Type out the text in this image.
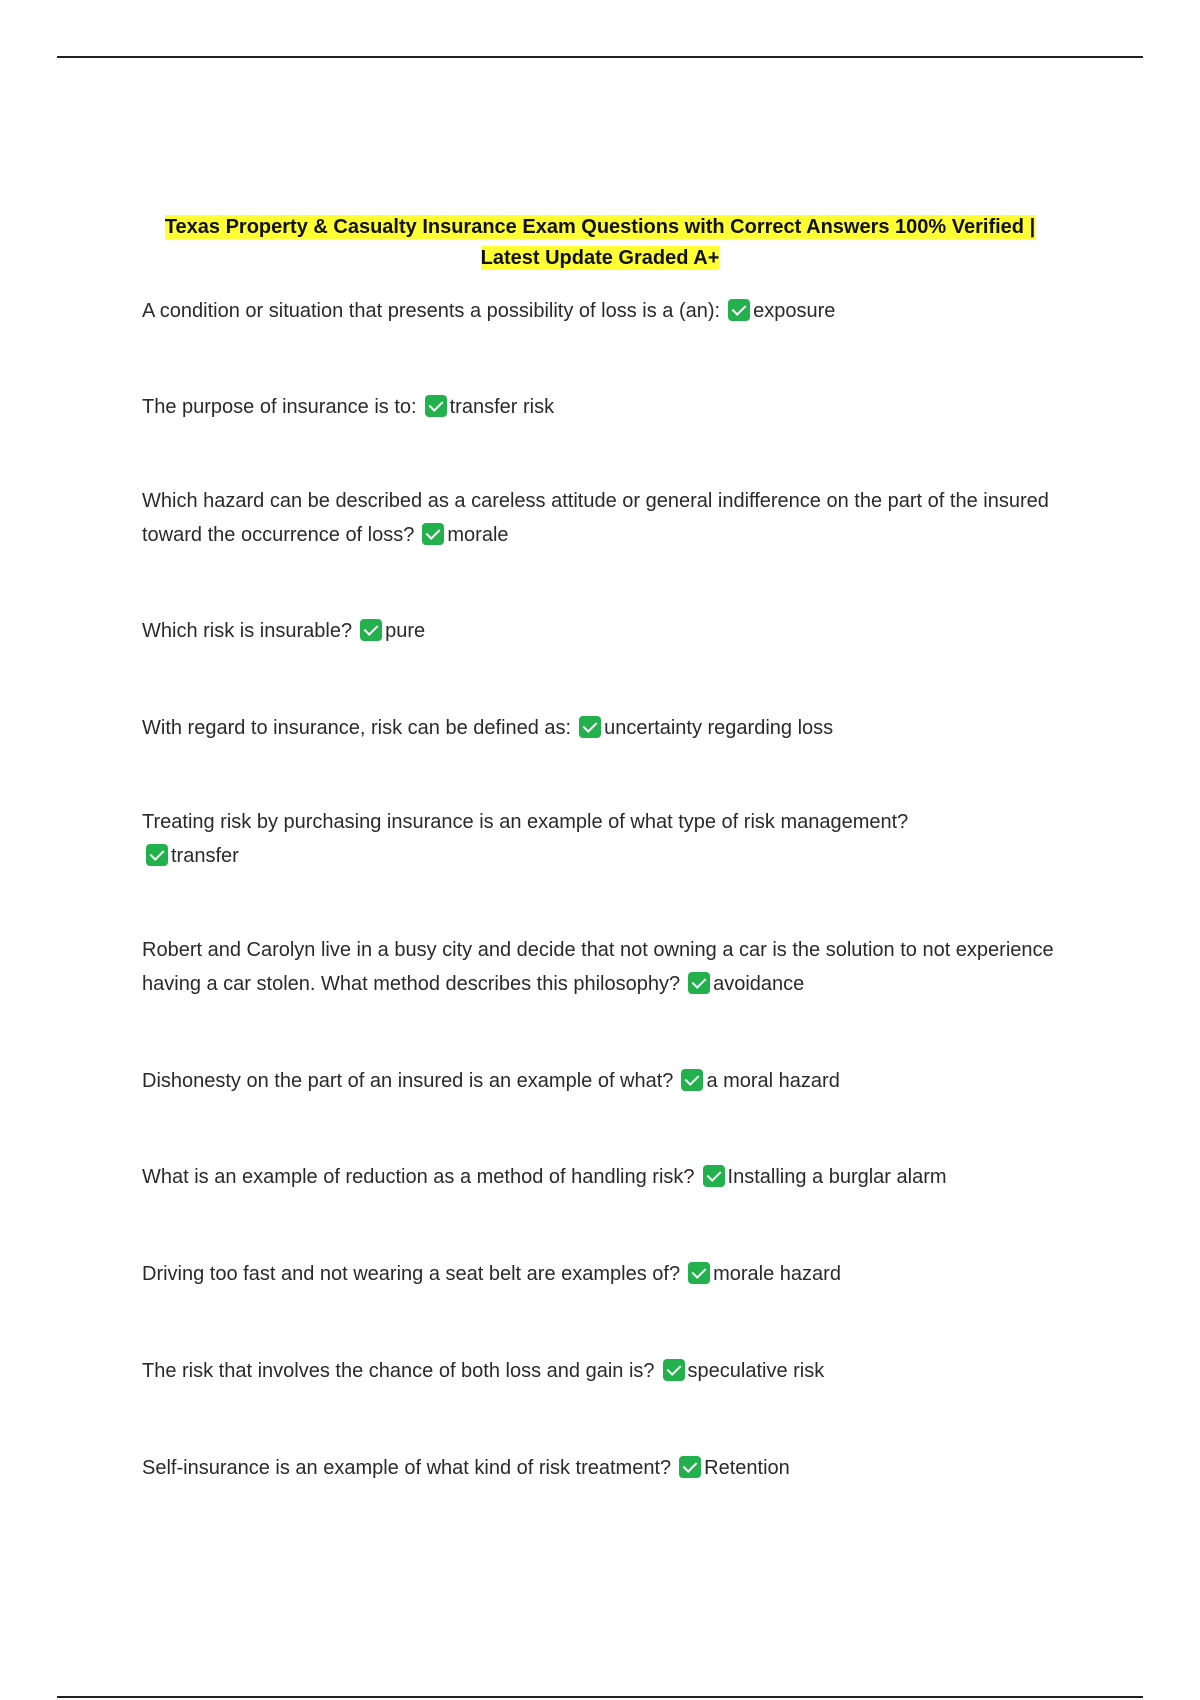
Texas Property & Casualty Insurance Exam Questions with Correct Answers 100% Verified | Latest Update Graded A+
A condition or situation that presents a possibility of loss is a (an): exposure
The purpose of insurance is to: transfer risk
Which hazard can be described as a careless attitude or general indifference on the part of the insured toward the occurrence of loss? morale
Which risk is insurable? pure
With regard to insurance, risk can be defined as: uncertainty regarding loss
Treating risk by purchasing insurance is an example of what type of risk management?
transfer
Robert and Carolyn live in a busy city and decide that not owning a car is the solution to not experience having a car stolen. What method describes this philosophy? avoidance
Dishonesty on the part of an insured is an example of what? a moral hazard
What is an example of reduction as a method of handling risk? Installing a burglar alarm
Driving too fast and not wearing a seat belt are examples of? morale hazard
The risk that involves the chance of both loss and gain is? speculative risk
Self-insurance is an example of what kind of risk treatment? Retention
